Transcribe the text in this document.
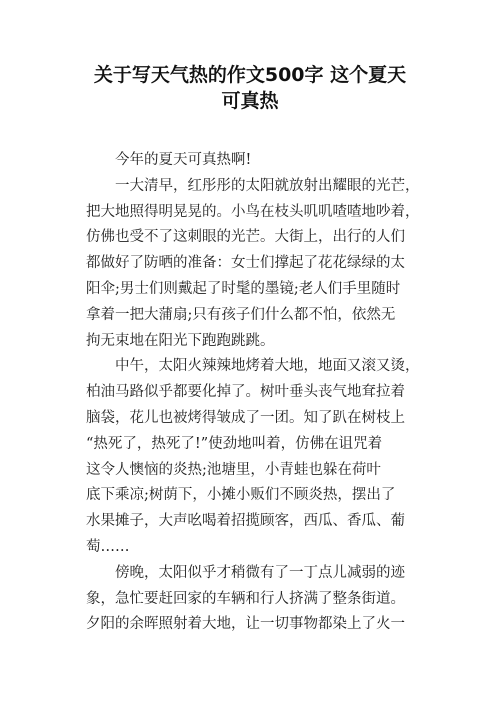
关于写天气热的作文500字 这个夏天
可真热
今年的夏天可真热啊!
一大清早，红彤彤的太阳就放射出耀眼的光芒，
把大地照得明晃晃的。小鸟在枝头叽叽喳喳地吵着，
仿佛也受不了这刺眼的光芒。大街上，出行的人们
都做好了防晒的准备：女士们撑起了花花绿绿的太
阳伞;男士们则戴起了时髦的墨镜;老人们手里随时
拿着一把大蒲扇;只有孩子们什么都不怕，依然无
拘无束地在阳光下跑跑跳跳。
中午，太阳火辣辣地烤着大地，地面又滚又烫，
柏油马路似乎都要化掉了。树叶垂头丧气地耷拉着
脑袋，花儿也被烤得皱成了一团。知了趴在树枝上
“热死了，热死了!”使劲地叫着，仿佛在诅咒着
这令人懊恼的炎热;池塘里，小青蛙也躲在荷叶
底下乘凉;树荫下，小摊小贩们不顾炎热，摆出了
水果摊子，大声吆喝着招揽顾客，西瓜、香瓜、葡
萄……
傍晚，太阳似乎才稍微有了一丁点儿减弱的迹
象，急忙要赶回家的车辆和行人挤满了整条街道。
夕阳的余晖照射着大地，让一切事物都染上了火一
